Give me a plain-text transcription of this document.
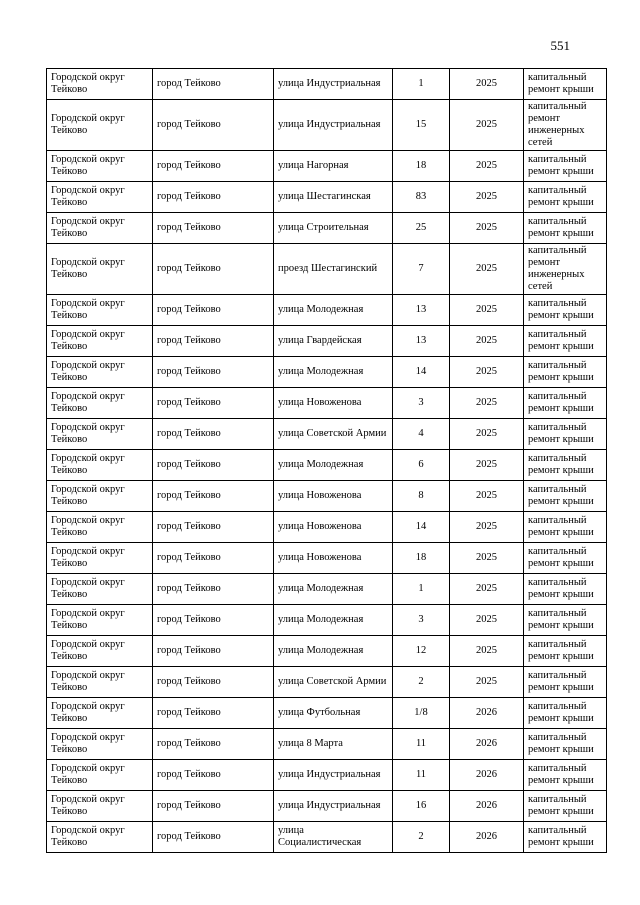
551
Городской округ Тейково	город Тейково	улица Индустриальная	1	2025	капитальный ремонт крыши
Городской округ Тейково	город Тейково	улица Индустриальная	15	2025	капитальный ремонт инженерных сетей
Городской округ Тейково	город Тейково	улица Нагорная	18	2025	капитальный ремонт крыши
Городской округ Тейково	город Тейково	улица Шестагинская	83	2025	капитальный ремонт крыши
Городской округ Тейково	город Тейково	улица Строительная	25	2025	капитальный ремонт крыши
Городской округ Тейково	город Тейково	проезд Шестагинский	7	2025	капитальный ремонт инженерных сетей
Городской округ Тейково	город Тейково	улица Молодежная	13	2025	капитальный ремонт крыши
Городской округ Тейково	город Тейково	улица Гвардейская	13	2025	капитальный ремонт крыши
Городской округ Тейково	город Тейково	улица Молодежная	14	2025	капитальный ремонт крыши
Городской округ Тейково	город Тейково	улица Новоженова	3	2025	капитальный ремонт крыши
Городской округ Тейково	город Тейково	улица Советской Армии	4	2025	капитальный ремонт крыши
Городской округ Тейково	город Тейково	улица Молодежная	6	2025	капитальный ремонт крыши
Городской округ Тейково	город Тейково	улица Новоженова	8	2025	капитальный ремонт крыши
Городской округ Тейково	город Тейково	улица Новоженова	14	2025	капитальный ремонт крыши
Городской округ Тейково	город Тейково	улица Новоженова	18	2025	капитальный ремонт крыши
Городской округ Тейково	город Тейково	улица Молодежная	1	2025	капитальный ремонт крыши
Городской округ Тейково	город Тейково	улица Молодежная	3	2025	капитальный ремонт крыши
Городской округ Тейково	город Тейково	улица Молодежная	12	2025	капитальный ремонт крыши
Городской округ Тейково	город Тейково	улица Советской Армии	2	2025	капитальный ремонт крыши
Городской округ Тейково	город Тейково	улица Футбольная	1/8	2026	капитальный ремонт крыши
Городской округ Тейково	город Тейково	улица 8 Марта	11	2026	капитальный ремонт крыши
Городской округ Тейково	город Тейково	улица Индустриальная	11	2026	капитальный ремонт крыши
Городской округ Тейково	город Тейково	улица Индустриальная	16	2026	капитальный ремонт крыши
Городской округ Тейково	город Тейково	улица Социалистическая	2	2026	капитальный ремонт крыши
